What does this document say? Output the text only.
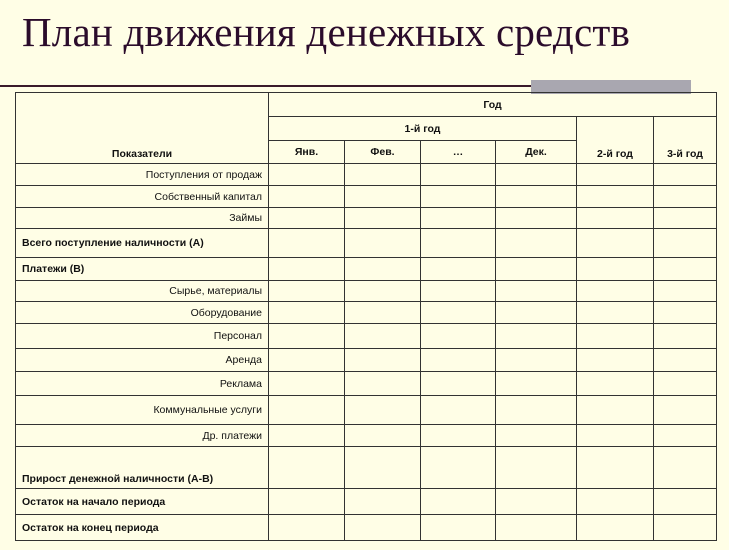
План движения денежных средств
Показатели	Год					
	1-й год				2-й год	3-й год
	Янв.	Фев.	…	Дек.		
Поступления от продаж						
Собственный капитал						
Займы						
Всего поступление наличности (А)						
Платежи (В)						
Сырье, материалы						
Оборудование						
Персонал						
Аренда						
Реклама						
Коммунальные услуги						
Др. платежи						
Прирост денежной наличности (А-В)						
Остаток на начало периода						
Остаток на конец периода						
